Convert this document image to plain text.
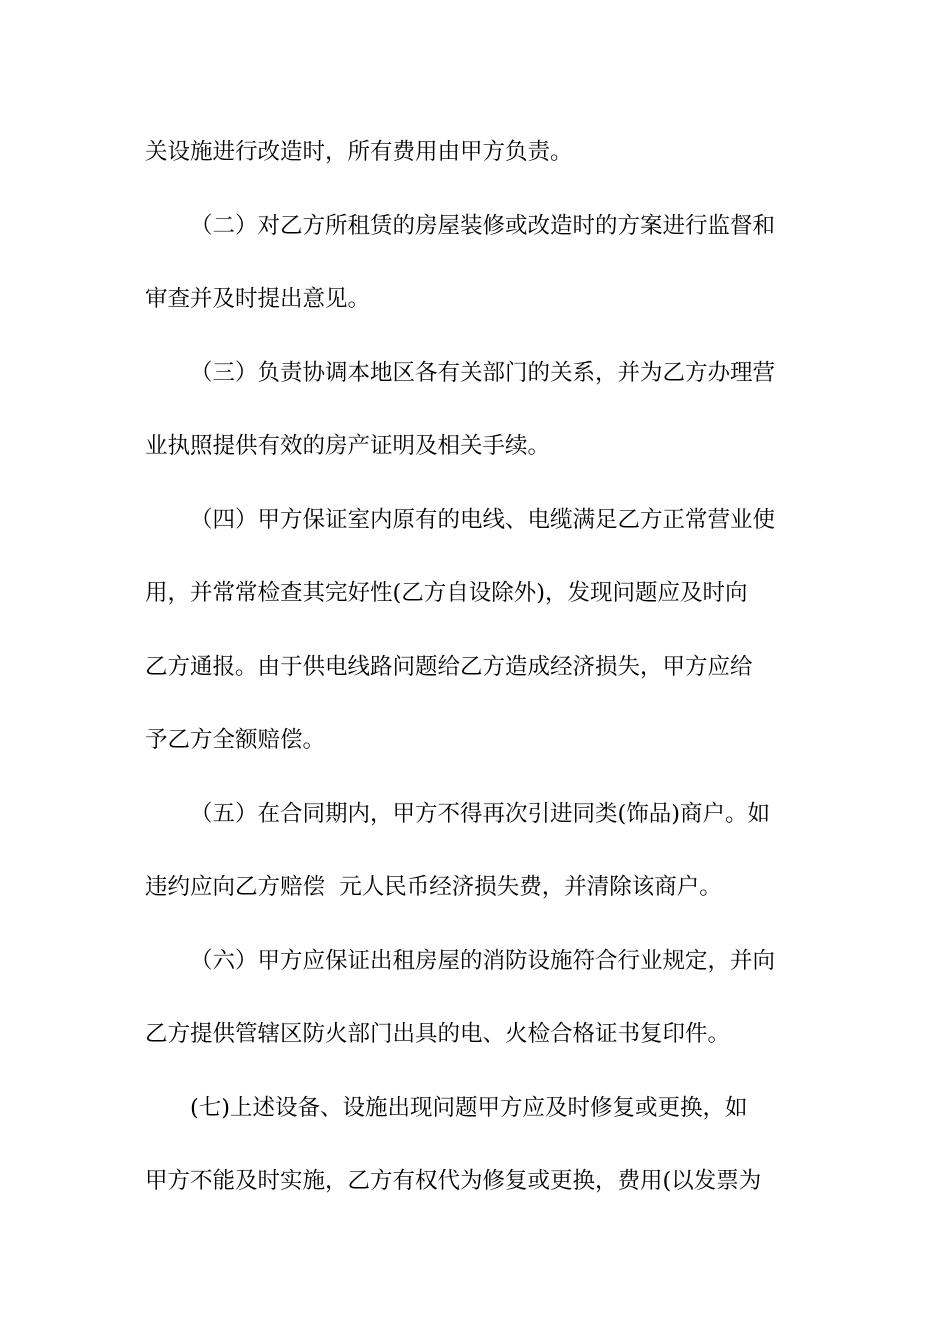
关设施进行改造时，所有费用由甲方负责。
（二）对乙方所租赁的房屋装修或改造时的方案进行监督和
审查并及时提出意见。
（三）负责协调本地区各有关部门的关系，并为乙方办理营
业执照提供有效的房产证明及相关手续。
（四）甲方保证室内原有的电线、电缆满足乙方正常营业使
用，并常常检查其完好性(乙方自设除外)，发现问题应及时向
乙方通报。由于供电线路问题给乙方造成经济损失，甲方应给
予乙方全额赔偿。
（五）在合同期内，甲方不得再次引进同类(饰品)商户。如
违约应向乙方赔偿  元人民币经济损失费，并清除该商户。
（六）甲方应保证出租房屋的消防设施符合行业规定，并向
乙方提供管辖区防火部门出具的电、火检合格证书复印件。
(七)上述设备、设施出现问题甲方应及时修复或更换，如
甲方不能及时实施，乙方有权代为修复或更换，费用(以发票为
